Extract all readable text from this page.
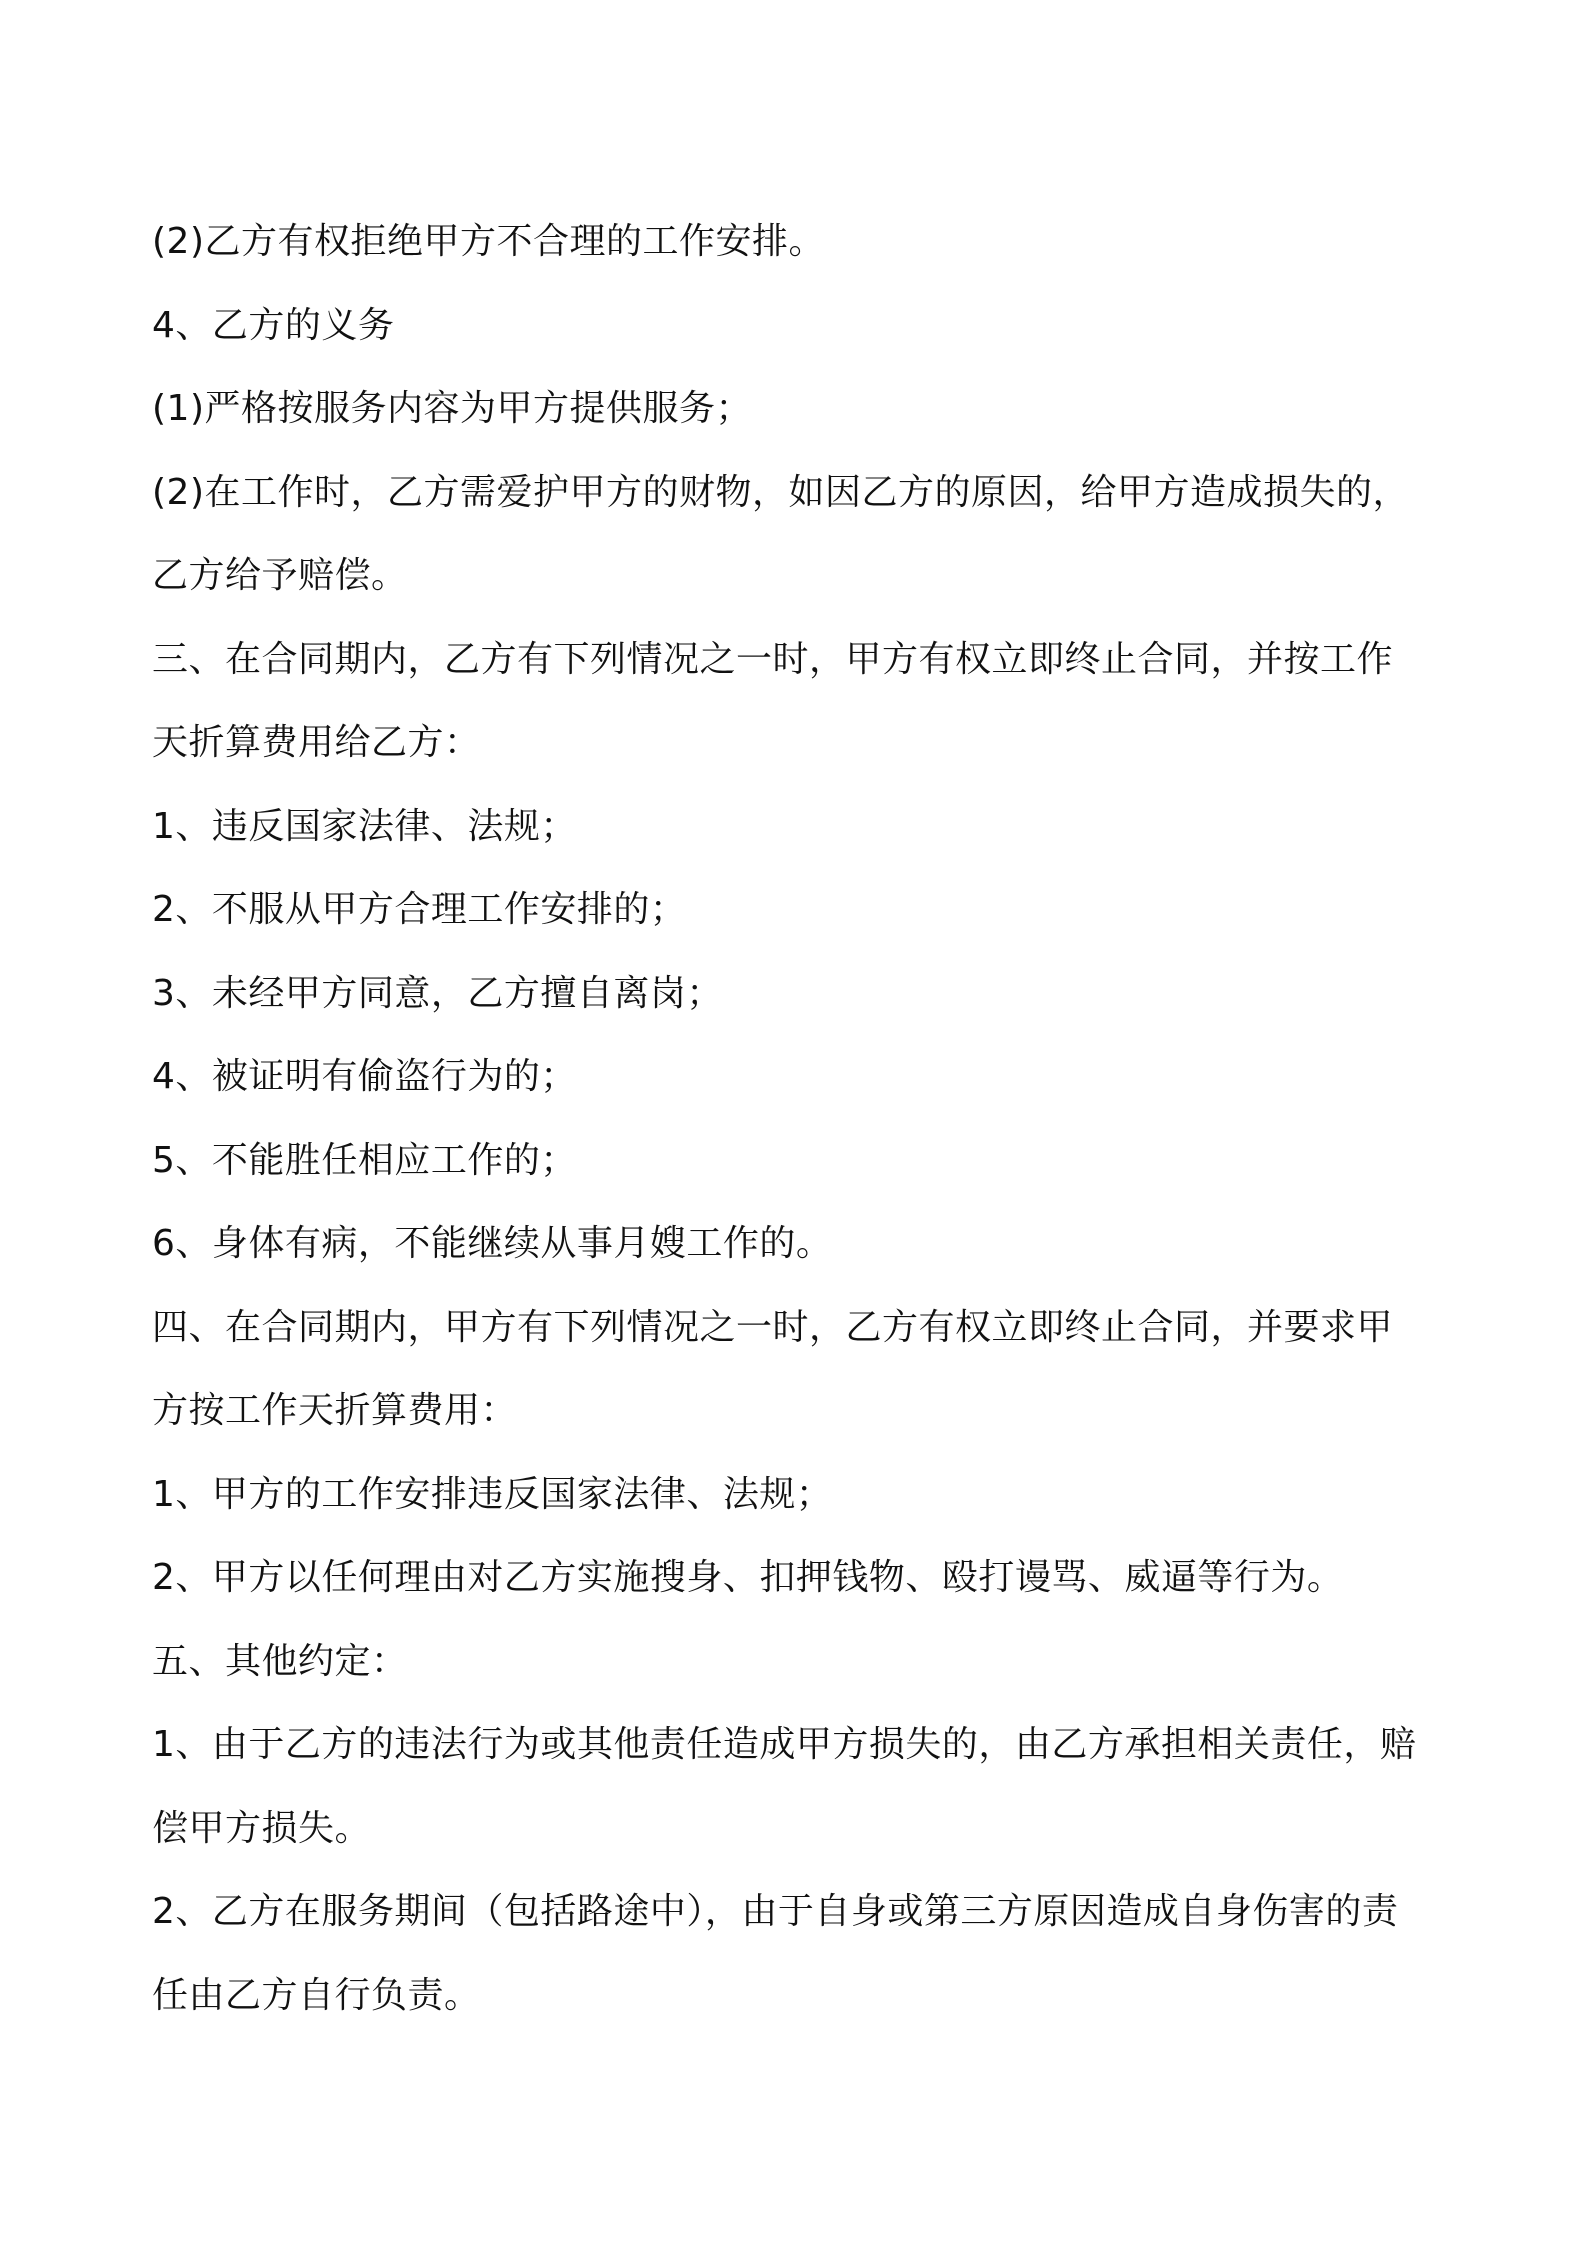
(2)乙方有权拒绝甲方不合理的工作安排。
4、乙方的义务
(1)严格按服务内容为甲方提供服务；
(2)在工作时，乙方需爱护甲方的财物，如因乙方的原因，给甲方造成损失的，
乙方给予赔偿。
三、在合同期内，乙方有下列情况之一时，甲方有权立即终止合同，并按工作
天折算费用给乙方：
1、违反国家法律、法规；
2、不服从甲方合理工作安排的；
3、未经甲方同意，乙方擅自离岗；
4、被证明有偷盗行为的；
5、不能胜任相应工作的；
6、身体有病，不能继续从事月嫂工作的。
四、在合同期内，甲方有下列情况之一时，乙方有权立即终止合同，并要求甲
方按工作天折算费用：
1、甲方的工作安排违反国家法律、法规；
2、甲方以任何理由对乙方实施搜身、扣押钱物、殴打谩骂、威逼等行为。
五、其他约定：
1、由于乙方的违法行为或其他责任造成甲方损失的，由乙方承担相关责任，赔
偿甲方损失。
2、乙方在服务期间（包括路途中），由于自身或第三方原因造成自身伤害的责
任由乙方自行负责。
